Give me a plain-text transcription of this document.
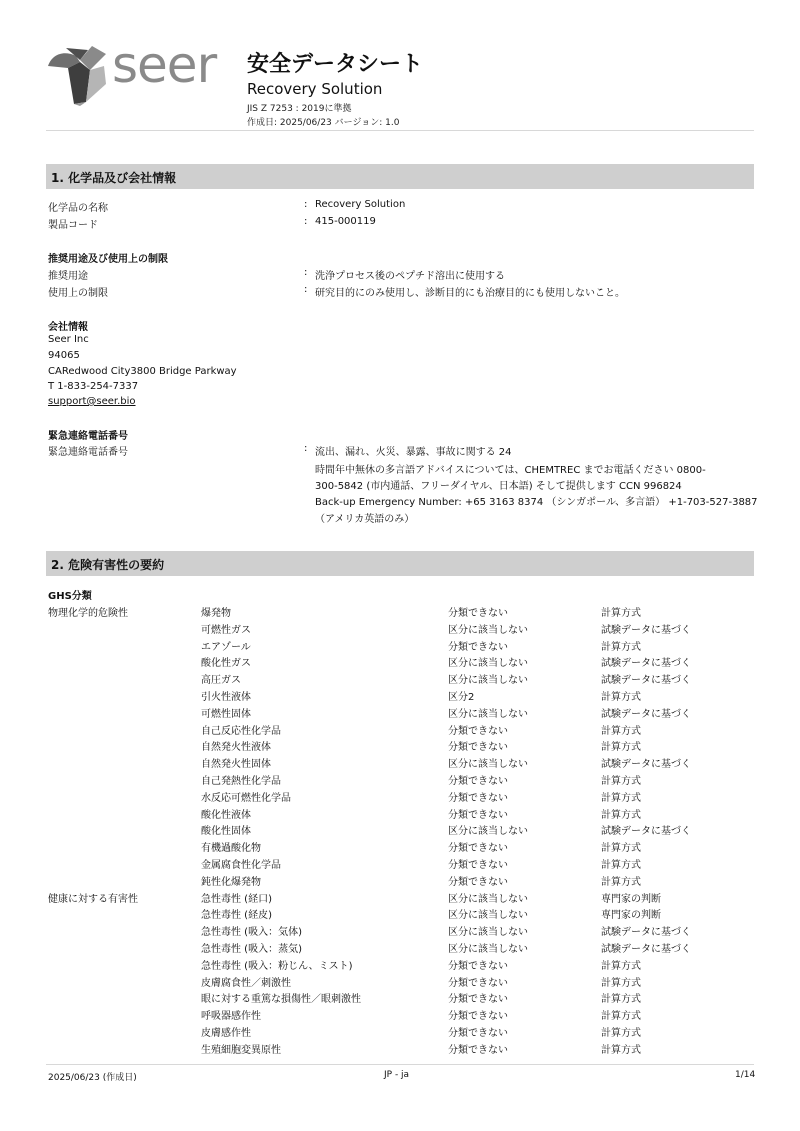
seer 安全データシート
Recovery Solution
JIS Z 7253 : 2019に準拠
作成日: 2025/06/23 バージョン: 1.0
1. 化学品及び会社情報
化学品の名称	: Recovery Solution
製品コード	: 415-000119
推奨用途及び使用上の制限
推奨用途	: 洗浄プロセス後のペプチド溶出に使用する
使用上の制限	: 研究目的にのみ使用し、診断目的にも治療目的にも使用しないこと。
会社情報
Seer Inc
94065
CARedwood City3800 Bridge Parkway
T 1-833-254-7337
support@seer.bio
緊急連絡電話番号
緊急連絡電話番号	: 流出、漏れ、火災、暴露、事故に関する 24
時間年中無休の多言語アドバイスについては、CHEMTREC までお電話ください 0800-
300-5842 (市内通話、フリーダイヤル、日本語) そして提供します CCN 996824
Back-up Emergency Number: +65 3163 8374 （シンガポール、多言語） +1-703-527-3887
（アメリカ英語のみ）
2. 危険有害性の要約
GHS分類
物理化学的危険性	爆発物	分類できない	計算方式
可燃性ガス	区分に該当しない	試験データに基づく
エアゾール	分類できない	計算方式
酸化性ガス	区分に該当しない	試験データに基づく
高圧ガス	区分に該当しない	試験データに基づく
引火性液体	区分2	計算方式
可燃性固体	区分に該当しない	試験データに基づく
自己反応性化学品	分類できない	計算方式
自然発火性液体	分類できない	計算方式
自然発火性固体	区分に該当しない	試験データに基づく
自己発熱性化学品	分類できない	計算方式
水反応可燃性化学品	分類できない	計算方式
酸化性液体	分類できない	計算方式
酸化性固体	区分に該当しない	試験データに基づく
有機過酸化物	分類できない	計算方式
金属腐食性化学品	分類できない	計算方式
鈍性化爆発物	分類できない	計算方式
健康に対する有害性	急性毒性 (経口)	区分に該当しない	専門家の判断
急性毒性 (経皮)	区分に該当しない	専門家の判断
急性毒性 (吸入：気体)	区分に該当しない	試験データに基づく
急性毒性 (吸入：蒸気)	区分に該当しない	試験データに基づく
急性毒性 (吸入：粉じん、ミスト)	分類できない	計算方式
皮膚腐食性／刺激性	分類できない	計算方式
眼に対する重篤な損傷性／眼刺激性	分類できない	計算方式
呼吸器感作性	分類できない	計算方式
皮膚感作性	分類できない	計算方式
生殖細胞変異原性	分類できない	計算方式
2025/06/23 (作成日)	JP - ja	1/14
